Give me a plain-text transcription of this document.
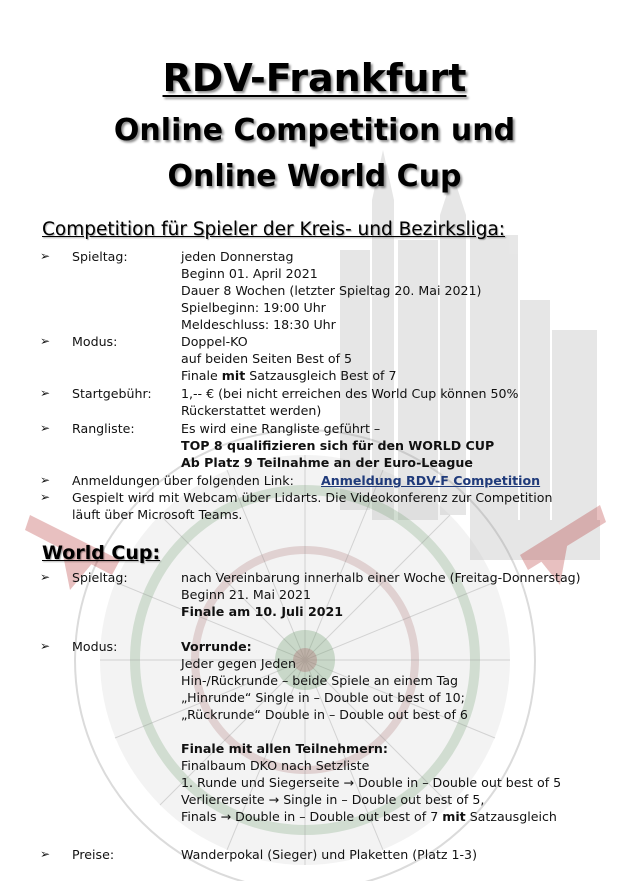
RDV-Frankfurt
Online Competition und
Online World Cup
Competition für Spieler der Kreis- und Bezirksliga:
➢ Spieltag:	jeden Donnerstag
Beginn 01. April 2021
Dauer 8 Wochen (letzter Spieltag 20. Mai 2021)
Spielbeginn: 19:00 Uhr
Meldeschluss: 18:30 Uhr
➢ Modus:	Doppel-KO
auf beiden Seiten Best of 5
Finale mit Satzausgleich Best of 7
➢ Startgebühr: 1,-- € (bei nicht erreichen des World Cup können 50%
Rückerstattet werden)
➢ Rangliste:	Es wird eine Rangliste geführt –
TOP 8 qualifizieren sich für den WORLD CUP
Ab Platz 9 Teilnahme an der Euro-League
➢ Anmeldungen über folgenden Link: Anmeldung RDV-F Competition
➢ Gespielt wird mit Webcam über Lidarts. Die Videokonferenz zur Competition
läuft über Microsoft Teams.
World Cup:
➢ Spieltag:	nach Vereinbarung innerhalb einer Woche (Freitag-Donnerstag)
Beginn 21. Mai 2021
Finale am 10. Juli 2021
➢ Modus:	Vorrunde:
Jeder gegen Jeden
Hin-/Rückrunde – beide Spiele an einem Tag
„Hinrunde“ Single in – Double out best of 10;
„Rückrunde“ Double in – Double out best of 6
Finale mit allen Teilnehmern:
Finalbaum DKO nach Setzliste
1. Runde und Siegerseite → Double in – Double out best of 5
Verliererseite → Single in – Double out best of 5,
Finals → Double in – Double out best of 7 mit Satzausgleich
➢ Preise:	Wanderpokal (Sieger) und Plaketten (Platz 1-3)
